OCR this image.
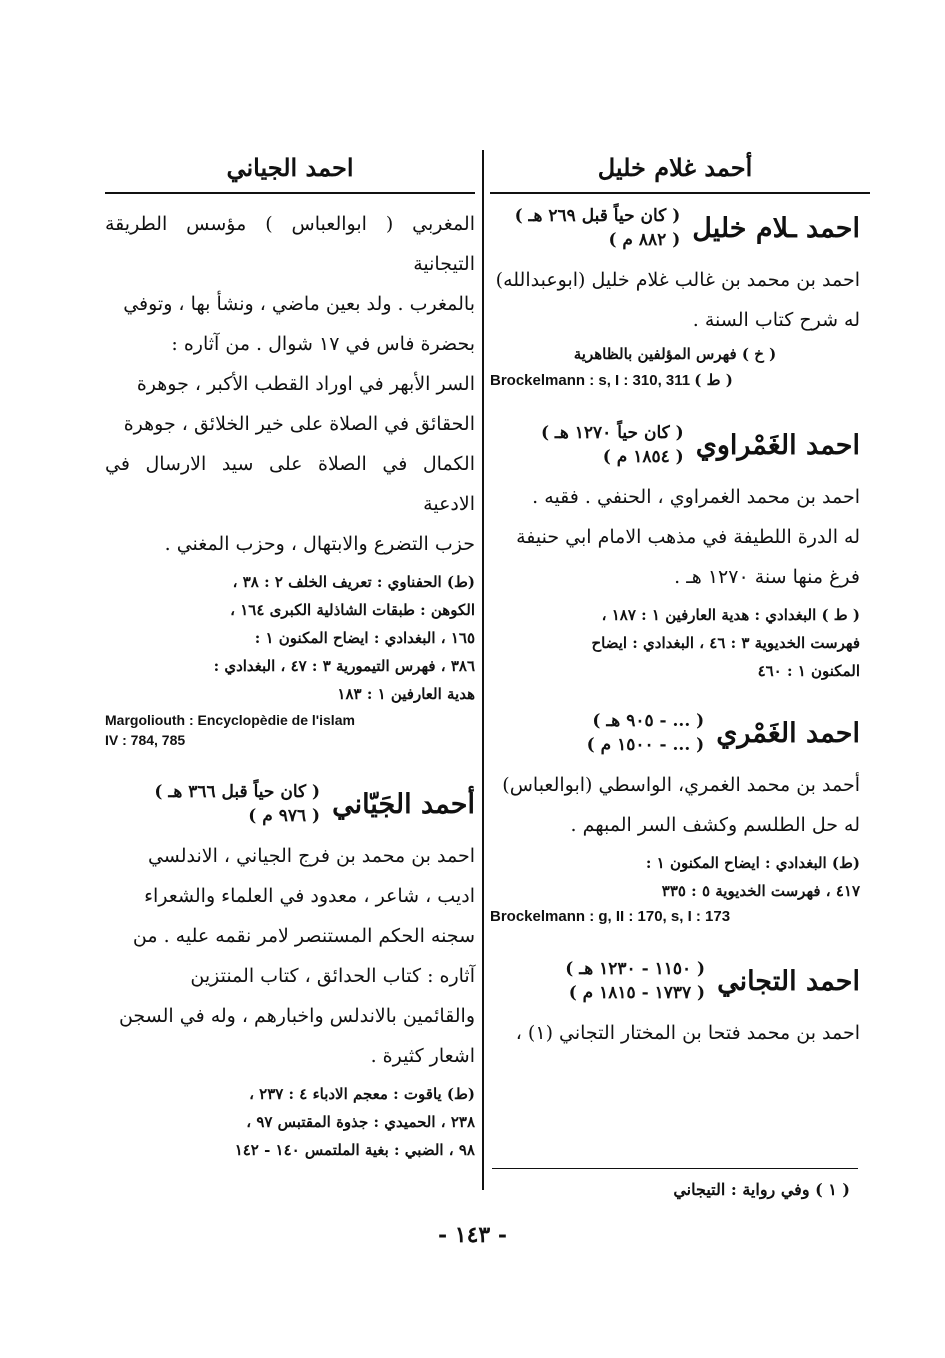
أحمد غلام خليل
احمد ـلام خليل
( كان حياً قبل ٢٦٩ هـ )
( ٨٨٢ م )
احمد بن محمد بن غالب غلام خليل (ابوعبدالله)
له شرح كتاب السنة .
( خ ) فهرس المؤلفين بالظاهرية
Brockelmann : s, I : 310, 311 ( ط )
احمد الغَمْراوي
( كان حياً ١٢٧٠ هـ )
( ١٨٥٤ م )
احمد بن محمد الغمراوي ، الحنفي . فقيه .
له الدرة اللطيفة في مذهب الامام ابي حنيفة
فرغ منها سنة ١٢٧٠ هـ .
( ط ) البغدادي : هدية العارفين ١ : ١٨٧ ،
فهرست الخديوية ٣ : ٤٦ ، البغدادي : ايضاح
المكنون ١ : ٤٦٠
احمد الغَمْري
( ... - ٩٠٥ هـ )
( ... - ١٥٠٠ م )
أحمد بن محمد الغمري، الواسطي (ابوالعباس)
له حل الطلسم وكشف السر المبهم .
(ط) البغدادي : ايضاح المكنون ١ :
٤١٧ ، فهرست الخديوية ٥ : ٣٣٥
Brockelmann : g, II : 170, s, I : 173
احمد التجاني
( ١١٥٠ - ١٢٣٠ هـ )
( ١٧٣٧ - ١٨١٥ م )
احمد بن محمد فتحا بن المختار التجاني (١) ،
احمد الجياني
المغربي ( ابوالعباس ) مؤسس الطريقة التيجانية
بالمغرب . ولد بعين ماضي ، ونشأ بها ، وتوفي
بحضرة فاس في ١٧ شوال . من آثاره :
السر الأبهر في اوراد القطب الأكبر ، جوهرة
الحقائق في الصلاة على خير الخلائق ، جوهرة
الكمال في الصلاة على سيد الارسال في الادعية
حزب التضرع والابتهال ، وحزب المغني .
(ط) الحفناوي : تعريف الخلف ٢ : ٣٨ ،
الكوهن : طبقات الشاذلية الكبرى ١٦٤ ،
١٦٥ ، البغدادي : ايضاح المكنون ١ :
٣٨٦ ، فهرس التيمورية ٣ : ٤٧ ، البغدادي :
هدية العارفين ١ : ١٨٣
Margoliouth : Encyclopèdie de l'islam
IV : 784, 785
أحمد الجَيّاني
( كان حياً قبل ٣٦٦ هـ )
( ٩٧٦ م )
احمد بن محمد بن فرج الجياني ، الاندلسي
اديب ، شاعر ، معدود في العلماء والشعراء
سجنه الحكم المستنصر لامر نقمه عليه . من
آثاره : كتاب الحدائق ، كتاب المنتزين
والقائمين بالاندلس واخبارهم ، وله في السجن
اشعار كثيرة .
(ط) ياقوت : معجم الادباء ٤ : ٢٣٧ ،
٢٣٨ ، الحميدي : جذوة المقتبس ٩٧ ،
٩٨ ، الضبي : بغية الملتمس ١٤٠ - ١٤٢
( ١ ) وفي رواية : التيجاني
- ١٤٣ -
